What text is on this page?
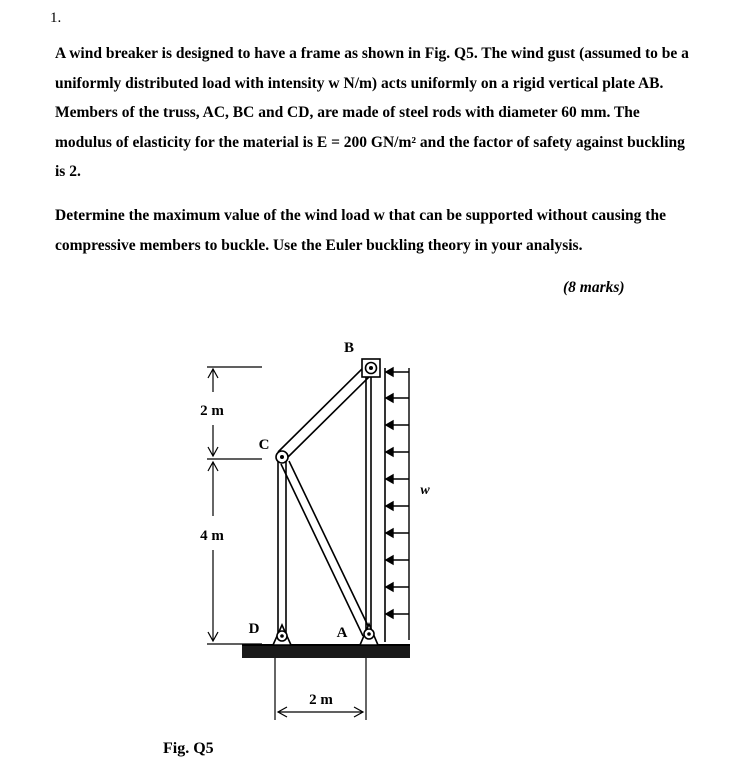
1.

A wind breaker is designed to have a frame as shown in Fig. Q5. The wind gust (assumed to be a uniformly distributed load with intensity w N/m) acts uniformly on a rigid vertical plate AB. Members of the truss, AC, BC and CD, are made of steel rods with diameter 60 mm. The modulus of elasticity for the material is E = 200 GN/m² and the factor of safety against buckling is 2.

Determine the maximum value of the wind load w that can be supported without causing the compressive members to buckle. Use the Euler buckling theory in your analysis.

(8 marks)
B
C
D	A
w
2 m
4 m
2 m
Fig. Q5
